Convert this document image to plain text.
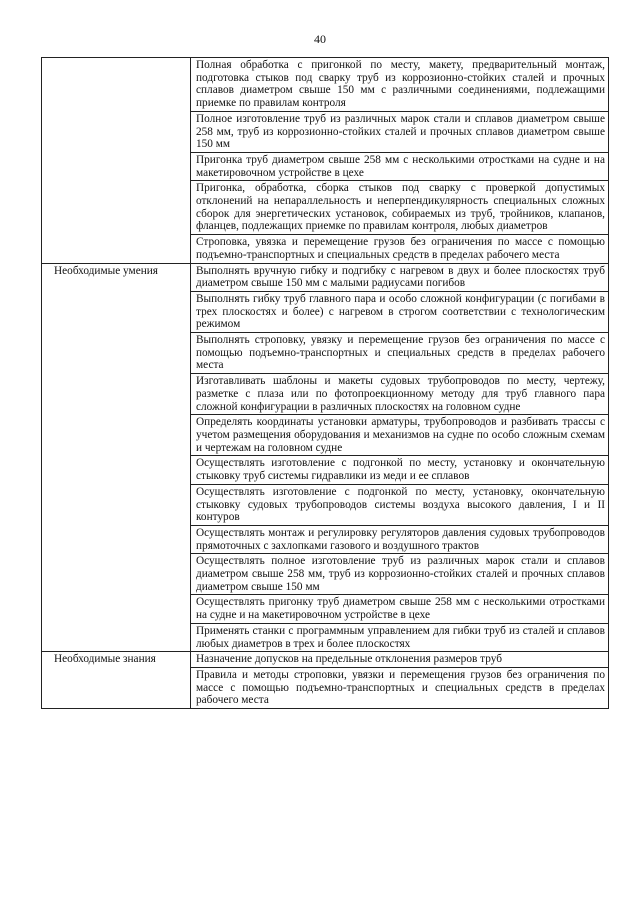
40
	Полная обработка с пригонкой по месту, макету, предварительный монтаж, подготовка стыков под сварку труб из коррозионно-стойких сталей и прочных сплавов диаметром свыше 150 мм с различными соединениями, подлежащими приемке по правилам контроля
	Полное изготовление труб из различных марок стали и сплавов диаметром свыше 258 мм, труб из коррозионно-стойких сталей и прочных сплавов диаметром свыше 150 мм
	Пригонка труб диаметром свыше 258 мм с несколькими отростками на судне и на макетировочном устройстве в цехе
	Пригонка, обработка, сборка стыков под сварку с проверкой допустимых отклонений на непараллельность и неперпендикулярность специальных сложных сборок для энергетических установок, собираемых из труб, тройников, клапанов, фланцев, подлежащих приемке по правилам контроля, любых диаметров
	Строповка, увязка и перемещение грузов без ограничения по массе с помощью подъемно-транспортных и специальных средств в пределах рабочего места
Необходимые умения	Выполнять вручную гибку и подгибку с нагревом в двух и более плоскостях труб диаметром свыше 150 мм с малыми радиусами погибов
	Выполнять гибку труб главного пара и особо сложной конфигурации (с погибами в трех плоскостях и более) с нагревом в строгом соответствии с технологическим режимом
	Выполнять строповку, увязку и перемещение грузов без ограничения по массе с помощью подъемно-транспортных и специальных средств в пределах рабочего места
	Изготавливать шаблоны и макеты судовых трубопроводов по месту, чертежу, разметке с плаза или по фотопроекционному методу для труб главного пара сложной конфигурации в различных плоскостях на головном судне
	Определять координаты установки арматуры, трубопроводов и разбивать трассы с учетом размещения оборудования и механизмов на судне по особо сложным схемам и чертежам на головном судне
	Осуществлять изготовление с подгонкой по месту, установку и окончательную стыковку труб системы гидравлики из меди и ее сплавов
	Осуществлять изготовление с подгонкой по месту, установку, окончательную стыковку судовых трубопроводов системы воздуха высокого давления, I и II контуров
	Осуществлять монтаж и регулировку регуляторов давления судовых трубопроводов прямоточных с захлопками газового и воздушного трактов
	Осуществлять полное изготовление труб из различных марок стали и сплавов диаметром свыше 258 мм, труб из коррозионно-стойких сталей и прочных сплавов диаметром свыше 150 мм
	Осуществлять пригонку труб диаметром свыше 258 мм с несколькими отростками на судне и на макетировочном устройстве в цехе
	Применять станки с программным управлением для гибки труб из сталей и сплавов любых диаметров в трех и более плоскостях
Необходимые знания	Назначение допусков на предельные отклонения размеров труб
	Правила и методы строповки, увязки и перемещения грузов без ограничения по массе с помощью подъемно-транспортных и специальных средств в пределах рабочего места
